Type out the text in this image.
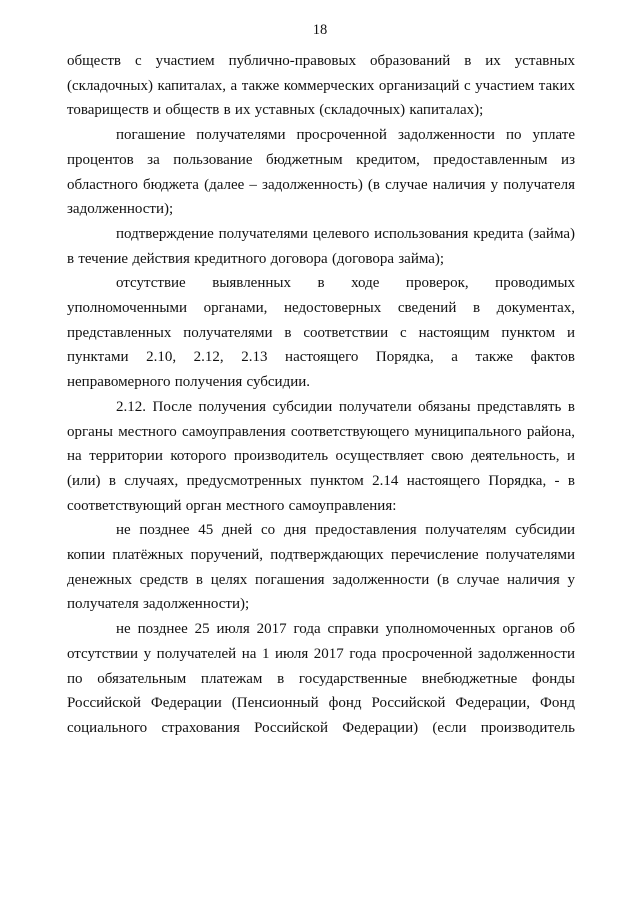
18

обществ с участием публично-правовых образований в их уставных (складочных) капиталах, а также коммерческих организаций с участием таких товариществ и обществ в их уставных (складочных) капиталах);

погашение получателями просроченной задолженности по уплате процентов за пользование бюджетным кредитом, предоставленным из областного бюджета (далее – задолженность) (в случае наличия у получателя задолженности);

подтверждение получателями целевого использования кредита (займа) в течение действия кредитного договора (договора займа);

отсутствие выявленных в ходе проверок, проводимых уполномоченными органами, недостоверных сведений в документах, представленных получателями в соответствии с настоящим пунктом и пунктами 2.10, 2.12, 2.13 настоящего Порядка, а также фактов неправомерного получения субсидии.

2.12. После получения субсидии получатели обязаны представлять в органы местного самоуправления соответствующего муниципального района, на территории которого производитель осуществляет свою деятельность, и (или) в случаях, предусмотренных пунктом 2.14 настоящего Порядка, - в соответствующий орган местного самоуправления:

не позднее 45 дней со дня предоставления получателям субсидии копии платёжных поручений, подтверждающих перечисление получателями денежных средств в целях погашения задолженности (в случае наличия у получателя задолженности);

не позднее 25 июля 2017 года справки уполномоченных органов об отсутствии у получателей на 1 июля 2017 года просроченной задолженности по обязательным платежам в государственные внебюджетные фонды Российской Федерации (Пенсионный фонд Российской Федерации, Фонд социального страхования Российской Федерации) (если производитель
